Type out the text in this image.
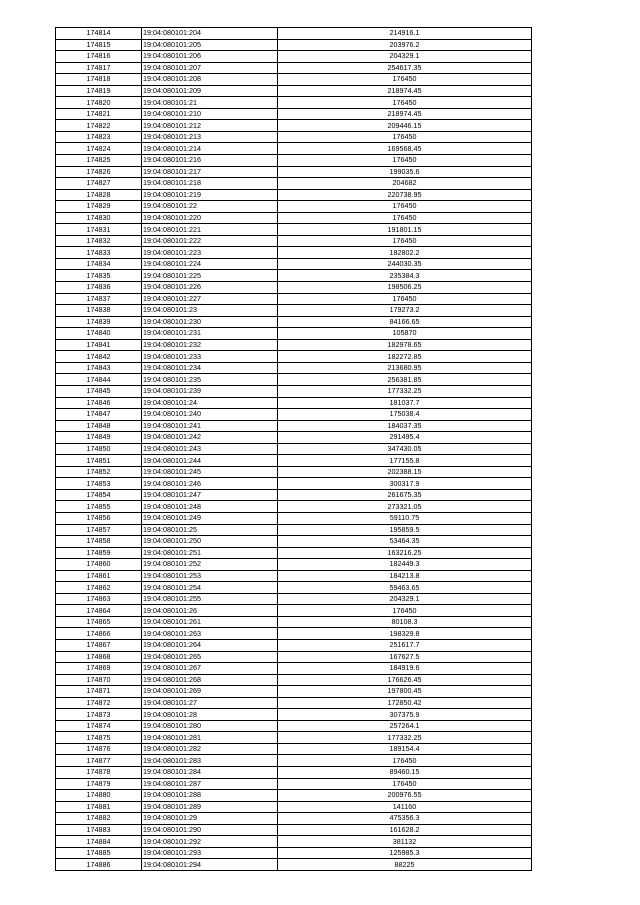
174814	19:04:080101:204	214916.1
174815	19:04:080101:205	203976.2
174816	19:04:080101:206	204329.1
174817	19:04:080101:207	254617.35
174818	19:04:080101:208	176450
174819	19:04:080101:209	218974.45
174820	19:04:080101:21	176450
174821	19:04:080101:210	218974.45
174822	19:04:080101:212	209446.15
174823	19:04:080101:213	176450
174824	19:04:080101:214	169568.45
174825	19:04:080101:216	176450
174826	19:04:080101:217	199035.6
174827	19:04:080101:218	204682
174828	19:04:080101:219	220738.95
174829	19:04:080101:22	176450
174830	19:04:080101:220	176450
174831	19:04:080101:221	191801.15
174832	19:04:080101:222	176450
174833	19:04:080101:223	182802.2
174834	19:04:080101:224	244030.35
174835	19:04:080101:225	235384.3
174836	19:04:080101:226	198506.25
174837	19:04:080101:227	176450
174838	19:04:080101:23	179273.2
174839	19:04:080101:230	84166.65
174840	19:04:080101:231	105870
174841	19:04:080101:232	182978.65
174842	19:04:080101:233	182272.85
174843	19:04:080101:234	213680.95
174844	19:04:080101:235	256381.85
174845	19:04:080101:239	177332.25
174846	19:04:080101:24	181037.7
174847	19:04:080101:240	175038.4
174848	19:04:080101:241	184037.35
174849	19:04:080101:242	291495.4
174850	19:04:080101:243	347430.05
174851	19:04:080101:244	177155.8
174852	19:04:080101:245	202388.15
174853	19:04:080101:246	300317.9
174854	19:04:080101:247	261675.35
174855	19:04:080101:248	273321.05
174856	19:04:080101:249	59110.75
174857	19:04:080101:25	195859.5
174858	19:04:080101:250	53464.35
174859	19:04:080101:251	163216.25
174860	19:04:080101:252	182449.3
174861	19:04:080101:253	184213.8
174862	19:04:080101:254	59463.65
174863	19:04:080101:255	204329.1
174864	19:04:080101:26	176450
174865	19:04:080101:261	80108.3
174866	19:04:080101:263	198329.8
174867	19:04:080101:264	251617.7
174868	19:04:080101:265	167627.5
174869	19:04:080101:267	184919.6
174870	19:04:080101:268	176626.45
174871	19:04:080101:269	197800.45
174872	19:04:080101:27	172850.42
174873	19:04:080101:28	307375.9
174874	19:04:080101:280	257264.1
174875	19:04:080101:281	177332.25
174876	19:04:080101:282	189154.4
174877	19:04:080101:283	176450
174878	19:04:080101:284	89460.15
174879	19:04:080101:287	176450
174880	19:04:080101:288	200976.55
174881	19:04:080101:289	141160
174882	19:04:080101:29	475356.3
174883	19:04:080101:290	161628.2
174884	19:04:080101:292	381132
174885	19:04:080101:293	125985.3
174886	19:04:080101:294	88225
